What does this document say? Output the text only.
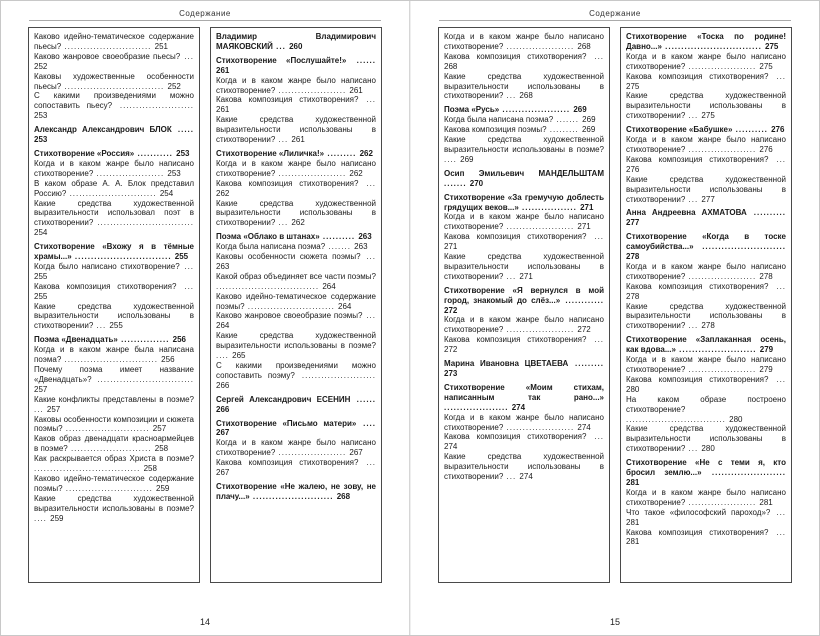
Содержание
Каково идейно-тематическое содержание пьесы? ........................... 251
Каково жанровое своеобразие пьесы? ... 252
Каковы художественные особенности пьесы? ............................... 252
С какими произведениями можно сопоставить пьесу? ....................... 253
Александр Александрович БЛОК ..... 253
Стихотворение «Россия» ........... 253
Когда и в каком жанре было написано стихотворение? ..................... 253
В каком образе А. А. Блок представил Россию? ........................... 254
Какие средства художественной выразительности использовал поэт в стихотворении? .............................. 254
Стихотворение «Вхожу я в тёмные храмы...» .............................. 255
Когда было написано стихотворение? ... 255
Какова композиция стихотворения? ... 255
Какие средства художественной выразительности использованы в стихотворении? ... 255
Поэма «Двенадцать» ............... 256
Когда и в каком жанре была написана поэма? ............................. 256
Почему поэма имеет название «Двенадцать»? .............................. 257
Какие конфликты представлены в поэме? ... 257
Каковы особенности композиции и сюжета поэмы? .......................... 257
Каков образ двенадцати красноармейцев в поэме? ......................... 258
Как раскрывается образ Христа в поэме? ................................. 258
Каково идейно-тематическое содержание поэмы? ........................... 259
Какие средства художественной выразительности использованы в поэме? .... 259
Владимир Владимирович МАЯКОВСКИЙ ... 260
Стихотворение «Послушайте!» ...... 261
Когда и в каком жанре было написано стихотворение? ..................... 261
Какова композиция стихотворения? ... 261
Какие средства художественной выразительности использованы в стихотворении? ... 261
Стихотворение «Лиличка!» ......... 262
Когда и в каком жанре было написано стихотворение? ..................... 262
Какова композиция стихотворения? ... 262
Какие средства художественной выразительности использованы в стихотворении? ... 262
Поэма «Облако в штанах» .......... 263
Когда была написана поэма? ....... 263
Каковы особенности сюжета поэмы? ... 263
Какой образ объединяет все части поэмы? ................................ 264
Каково идейно-тематическое содержание поэмы? ........................... 264
Каково жанровое своеобразие поэмы? ... 264
Какие средства художественной выразительности использованы в поэме? .... 265
С какими произведениями можно сопоставить поэму? ....................... 266
Сергей Александрович ЕСЕНИН ...... 266
Стихотворение «Письмо матери» .... 267
Когда и в каком жанре было написано стихотворение? ..................... 267
Какова композиция стихотворения? ... 267
Стихотворение «Не жалею, не зову, не плачу...» ......................... 268
14
Содержание
Когда и в каком жанре было написано стихотворение? ..................... 268
Какова композиция стихотворения? ... 268
Какие средства художественной выразительности использованы в стихотворении? ... 268
Поэма «Русь» ..................... 269
Когда была написана поэма? ....... 269
Какова композиция поэмы? ......... 269
Какие средства художественной выразительности использованы в поэме? .... 269
Осип Эмильевич МАНДЕЛЬШТАМ ....... 270
Стихотворение «За гремучую доблесть грядущих веков...» ................. 271
Когда и в каком жанре было написано стихотворение? ..................... 271
Какова композиция стихотворения? ... 271
Какие средства художественной выразительности использованы в стихотворении? ... 271
Стихотворение «Я вернулся в мой город, знакомый до слёз...» ............ 272
Когда и в каком жанре было написано стихотворение? ..................... 272
Какова композиция стихотворения? ... 272
Марина Ивановна ЦВЕТАЕВА ......... 273
Стихотворение «Моим стихам, написанным так рано...» .................... 274
Когда и в каком жанре было написано стихотворение? ..................... 274
Какова композиция стихотворения? ... 274
Какие средства художественной выразительности использованы в стихотворении? ... 274
Стихотворение «Тоска по родине! Давно...» .............................. 275
Когда и в каком жанре было написано стихотворение? ..................... 275
Какова композиция стихотворения? ... 275
Какие средства художественной выразительности использованы в стихотворении? ... 275
Стихотворение «Бабушке» .......... 276
Когда и в каком жанре было написано стихотворение? ..................... 276
Какова композиция стихотворения? ... 276
Какие средства художественной выразительности использованы в стихотворении? ... 277
Анна Андреевна АХМАТОВА .......... 277
Стихотворение «Когда в тоске самоубийства...» .......................... 278
Когда и в каком жанре было написано стихотворение? ..................... 278
Какова композиция стихотворения? ... 278
Какие средства художественной выразительности использованы в стихотворении? ... 278
Стихотворение «Заплаканная осень, как вдова...» ........................ 279
Когда и в каком жанре было написано стихотворение? ..................... 279
Какова композиция стихотворения? ... 280
На каком образе построено стихотворение? ............................... 280
Какие средства художественной выразительности использованы в стихотворении? ... 280
Стихотворение «Не с теми я, кто бросил землю...» ....................... 281
Когда и в каком жанре было написано стихотворение? ..................... 281
Что такое «философский пароход»? ... 281
Какова композиция стихотворения? ... 281
15
